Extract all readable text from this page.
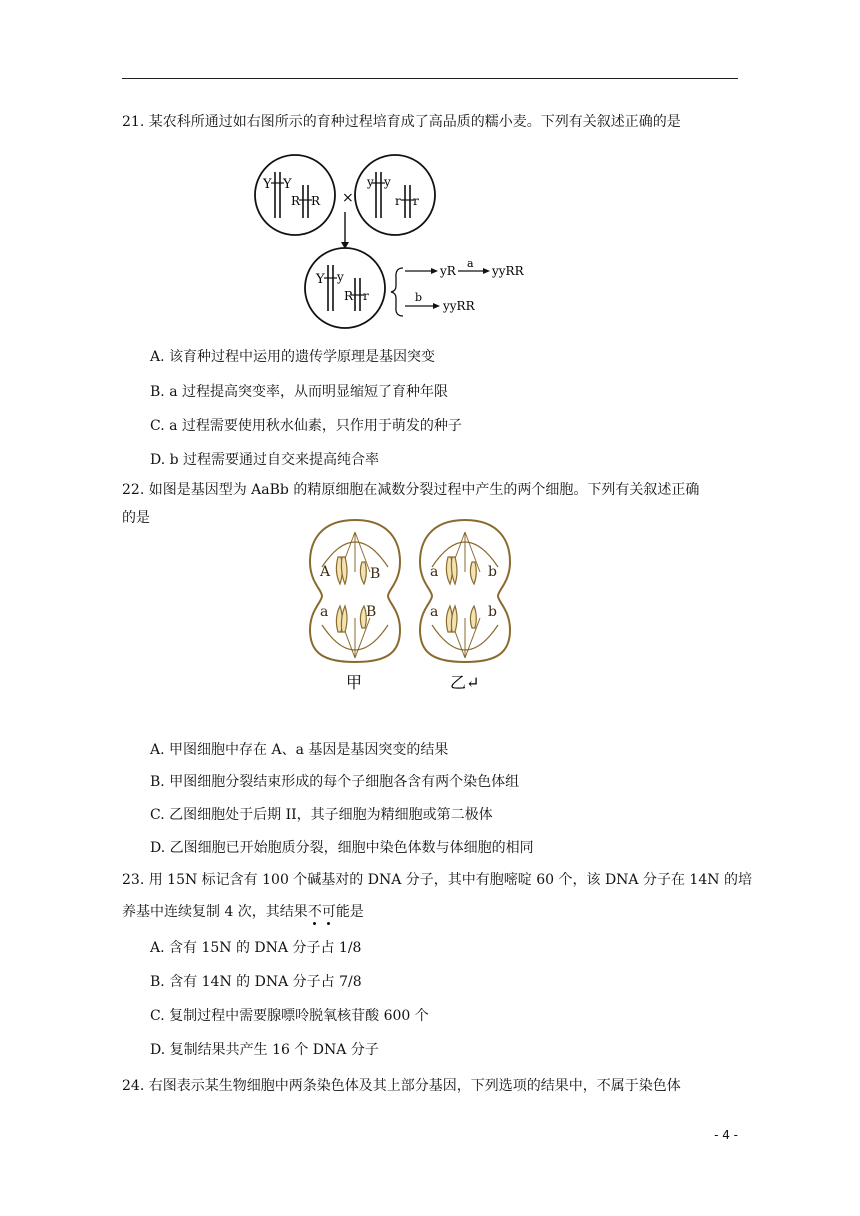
21. 某农科所通过如右图所示的育种过程培育成了高品质的糯小麦。下列有关叙述正确的是
Y Y
R R ×
y y
r r
Y y
R r
yR
a
yyRR
b
yyRR
A. 该育种过程中运用的遗传学原理是基因突变
B. a 过程提高突变率，从而明显缩短了育种年限
C. a 过程需要使用秋水仙素，只作用于萌发的种子
D. b 过程需要通过自交来提高纯合率
22. 如图是基因型为 AaBb 的精原细胞在减数分裂过程中产生的两个细胞。下列有关叙述正确
的是
A	B
a	B
a	b
a	b
甲	乙↵
A. 甲图细胞中存在 A、a 基因是基因突变的结果
B. 甲图细胞分裂结束形成的每个子细胞各含有两个染色体组
C. 乙图细胞处于后期 II，其子细胞为精细胞或第二极体
D. 乙图细胞已开始胞质分裂，细胞中染色体数与体细胞的相同
23. 用 15N 标记含有 100 个碱基对的 DNA 分子，其中有胞嘧啶 60 个，该 DNA 分子在 14N 的培
养基中连续复制 4 次，其结果不可能是
A. 含有 15N 的 DNA 分子占 1/8
B. 含有 14N 的 DNA 分子占 7/8
C. 复制过程中需要腺嘌呤脱氧核苷酸 600 个
D. 复制结果共产生 16 个 DNA 分子
24. 右图表示某生物细胞中两条染色体及其上部分基因，下列选项的结果中，不属于染色体
- 4 -
